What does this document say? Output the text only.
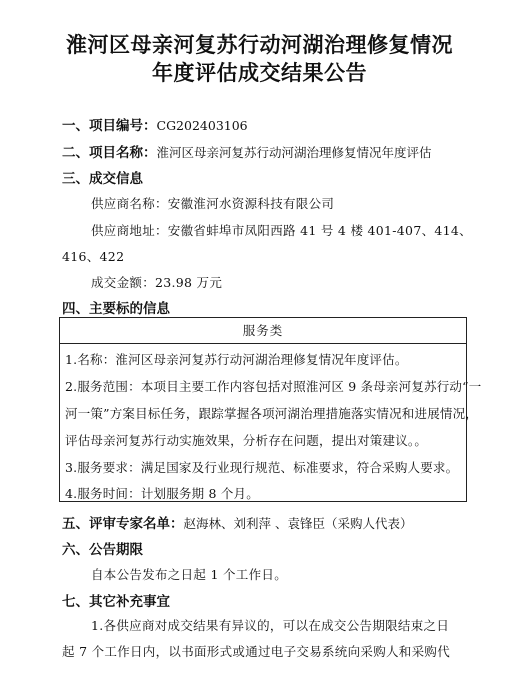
淮河区母亲河复苏行动河湖治理修复情况
年度评估成交结果公告
一、项目编号：CG202403106
二、项目名称：淮河区母亲河复苏行动河湖治理修复情况年度评估
三、成交信息
供应商名称：安徽淮河水资源科技有限公司
供应商地址：安徽省蚌埠市凤阳西路 41 号 4 楼 401-407、414、
416、422
成交金额：23.98 万元
四、主要标的信息
服务类
1.名称：淮河区母亲河复苏行动河湖治理修复情况年度评估。
2.服务范围：本项目主要工作内容包括对照淮河区 9 条母亲河复苏行动“一
河一策”方案目标任务，跟踪掌握各项河湖治理措施落实情况和进展情况，
评估母亲河复苏行动实施效果，分析存在问题，提出对策建议。。
3.服务要求：满足国家及行业现行规范、标准要求，符合采购人要求。
4.服务时间：计划服务期 8 个月。
五、评审专家名单：赵海林、刘利萍 、袁锋臣（采购人代表）
六、公告期限
自本公告发布之日起 1 个工作日。
七、其它补充事宜
1.各供应商对成交结果有异议的，可以在成交公告期限结束之日
起 7 个工作日内，以书面形式或通过电子交易系统向采购人和采购代
